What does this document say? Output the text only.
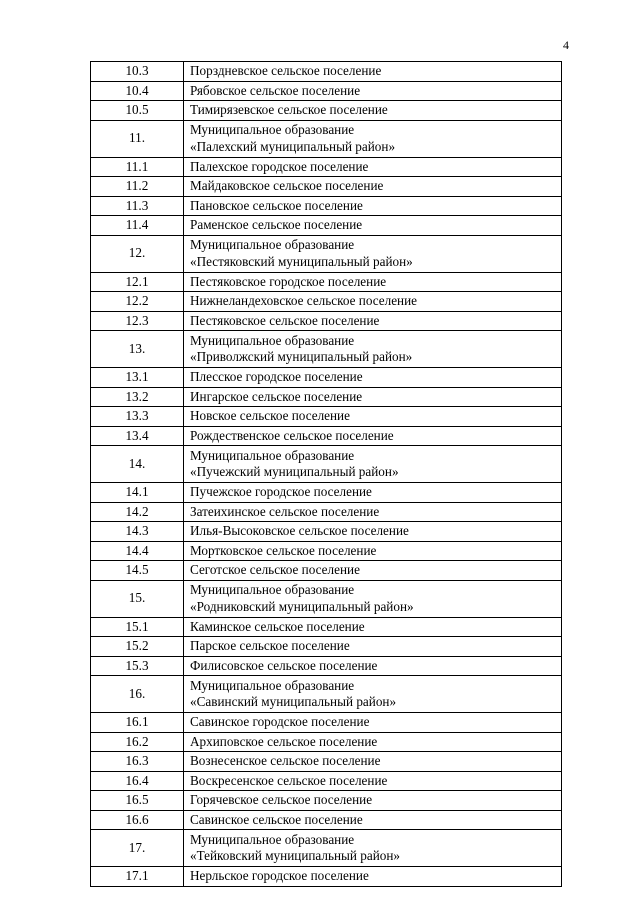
4
10.3	Порздневское сельское поселение

10.4	Рябовское сельское поселение

10.5	Тимирязевское сельское поселение

11.	Муниципальное образование
«Палехский муниципальный район»

11.1	Палехское городское поселение

11.2	Майдаковское сельское поселение

11.3	Пановское сельское поселение

11.4	Раменское сельское поселение

12.	Муниципальное образование
«Пестяковский муниципальный район»

12.1	Пестяковское городское поселение

12.2	Нижнеландеховское сельское поселение

12.3	Пестяковское сельское поселение

13.	Муниципальное образование
«Приволжский муниципальный район»

13.1	Плесское городское поселение

13.2	Ингарское сельское поселение

13.3	Новское сельское поселение

13.4	Рождественское сельское поселение

14.	Муниципальное образование
«Пучежский муниципальный район»

14.1	Пучежское городское поселение

14.2	Затеихинское сельское поселение

14.3	Илья-Высоковское сельское поселение

14.4	Мортковское сельское поселение

14.5	Сеготское сельское поселение

15.	Муниципальное образование
«Родниковский муниципальный район»

15.1	Каминское сельское поселение

15.2	Парское сельское поселение

15.3	Филисовское сельское поселение

16.	Муниципальное образование
«Савинский муниципальный район»

16.1	Савинское городское поселение

16.2	Архиповское сельское поселение

16.3	Вознесенское сельское поселение

16.4	Воскресенское сельское поселение

16.5	Горячевское сельское поселение

16.6	Савинское сельское поселение

17.	Муниципальное образование
«Тейковский муниципальный район»

17.1	Нерльское городское поселение
